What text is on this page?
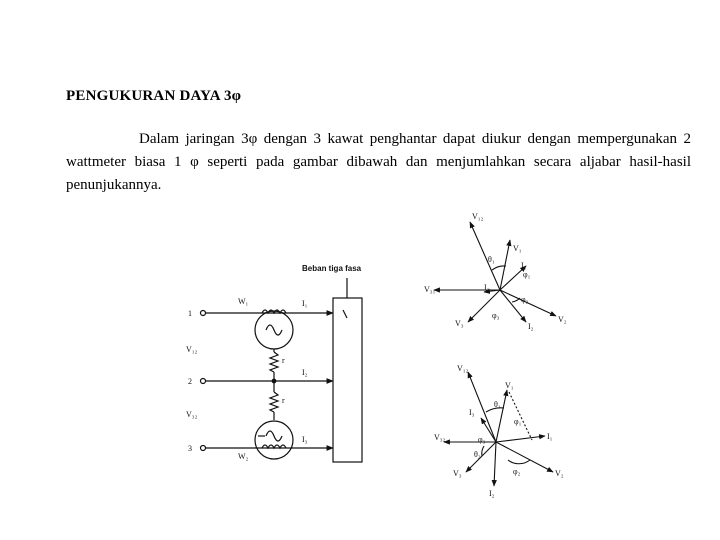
PENGUKURAN DAYA 3φ
Dalam jaringan 3φ dengan 3 kawat penghantar dapat diukur dengan mempergunakan 2 wattmeter biasa 1 φ seperti pada gambar dibawah dan menjumlahkan secara aljabar hasil-hasil penunjukannya.
Beban tiga fasa
1
2
3
W₁
W₂
V₁₂
V₃₂
r
r
I₁
I₂
I₃
V₁₂
V₁
θ₁
I₁
φ₁
V₃₁	I₃
φ₂
V₃
φ₃
I₂
V₂
V₁₂
V₁
θ₁
φ₁
I₃
I₁
V₃₂	φ₃
θ₂
V₃	φ₂	V₂
I₂
